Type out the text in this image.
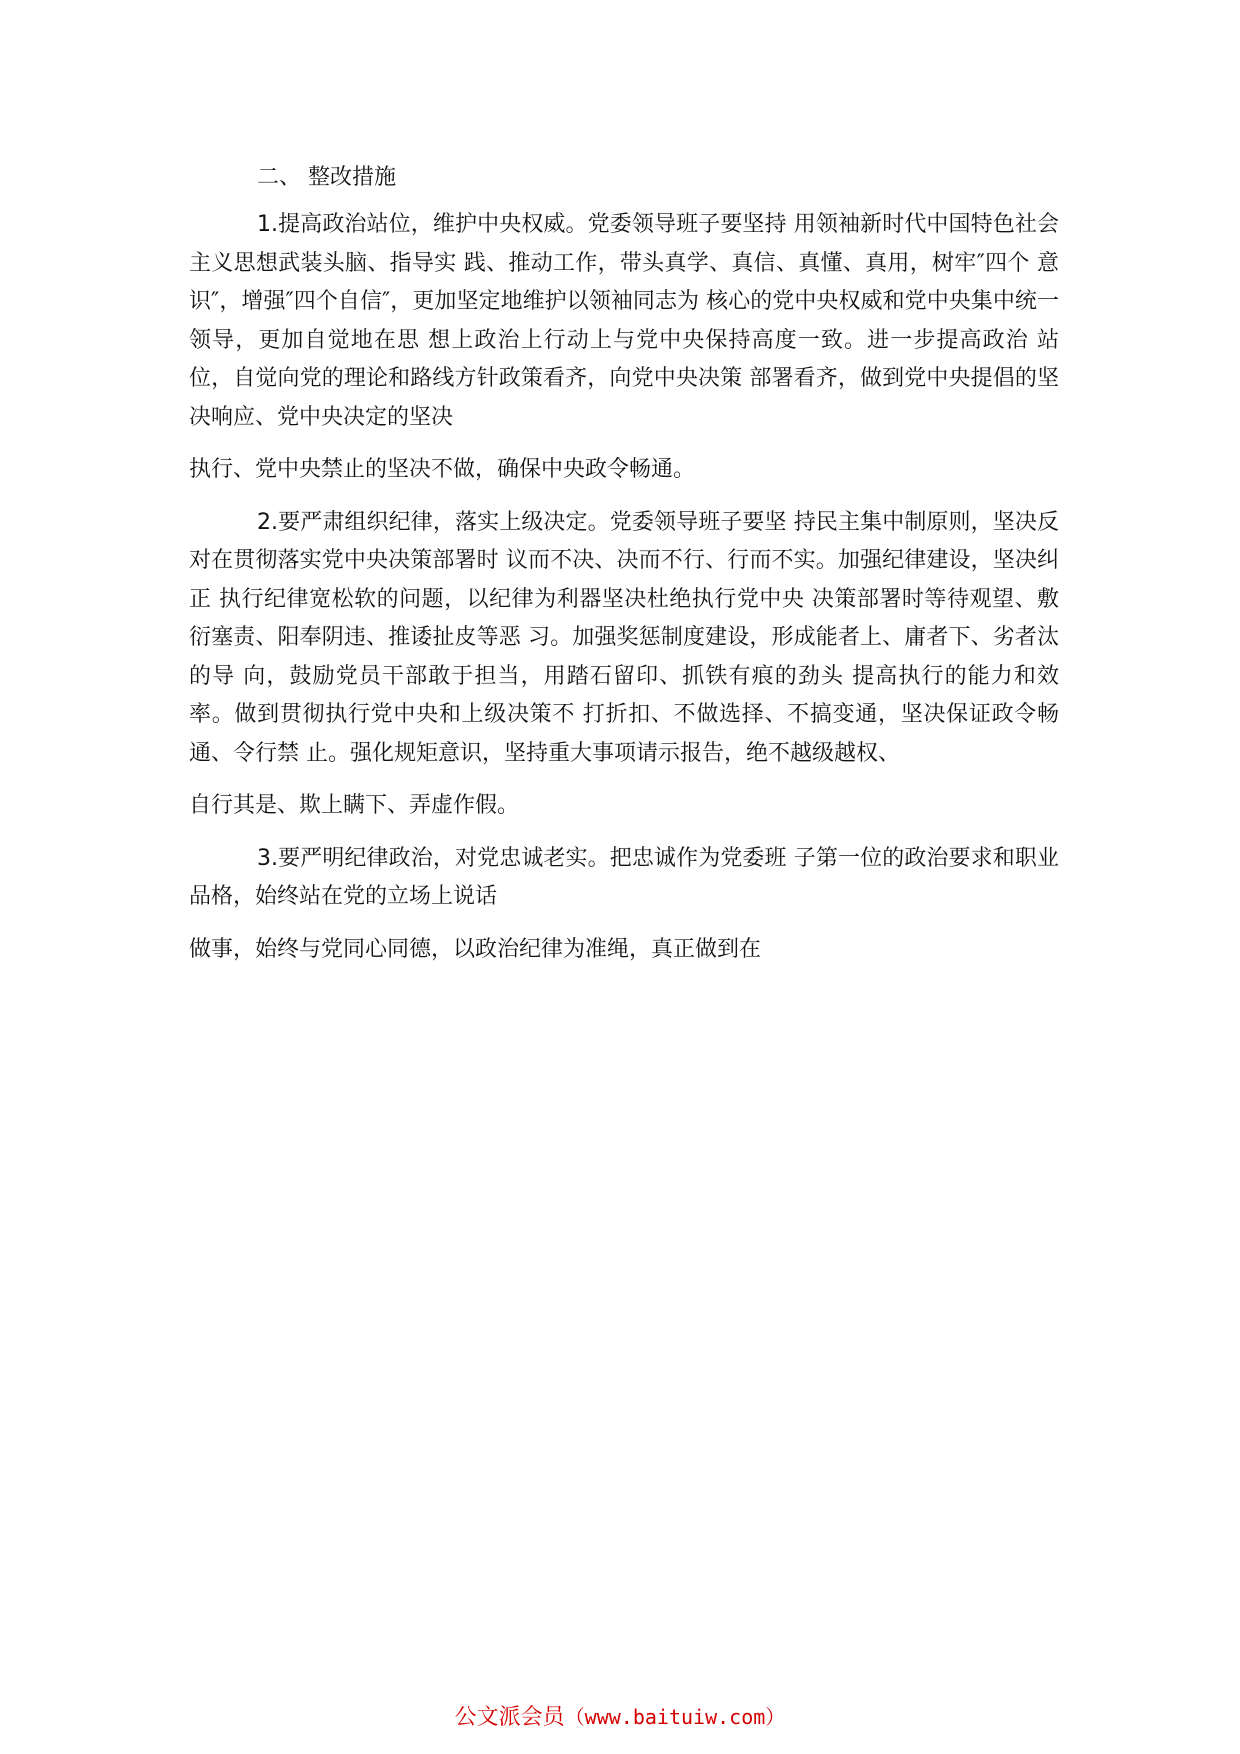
二、 整改措施

1.提高政治站位，维护中央权威。党委领导班子要坚持 用领袖新时代中国特色社会主义思想武装头脑、指导实 践、推动工作，带头真学、真信、真懂、真用，树牢″四个 意识″，增强″四个自信″，更加坚定地维护以领袖同志为 核心的党中央权威和党中央集中统一领导，更加自觉地在思 想上政治上行动上与党中央保持高度一致。进一步提高政治 站位，自觉向党的理论和路线方针政策看齐，向党中央决策 部署看齐，做到党中央提倡的坚决响应、党中央决定的坚决

执行、党中央禁止的坚决不做，确保中央政令畅通。

2.要严肃组织纪律，落实上级决定。党委领导班子要坚 持民主集中制原则，坚决反对在贯彻落实党中央决策部署时 议而不决、决而不行、行而不实。加强纪律建设，坚决纠正 执行纪律宽松软的问题，以纪律为利器坚决杜绝执行党中央 决策部署时等待观望、敷衍塞责、阳奉阴违、推诿扯皮等恶 习。加强奖惩制度建设，形成能者上、庸者下、劣者汰的导 向，鼓励党员干部敢于担当，用踏石留印、抓铁有痕的劲头 提高执行的能力和效率。做到贯彻执行党中央和上级决策不 打折扣、不做选择、不搞变通，坚决保证政令畅通、令行禁 止。强化规矩意识，坚持重大事项请示报告，绝不越级越权、

自行其是、欺上瞒下、弄虚作假。

3.要严明纪律政治，对党忠诚老实。把忠诚作为党委班 子第一位的政治要求和职业品格，始终站在党的立场上说话

做事，始终与党同心同德，以政治纪律为准绳，真正做到在

公文派会员（www.baituiw.com）
